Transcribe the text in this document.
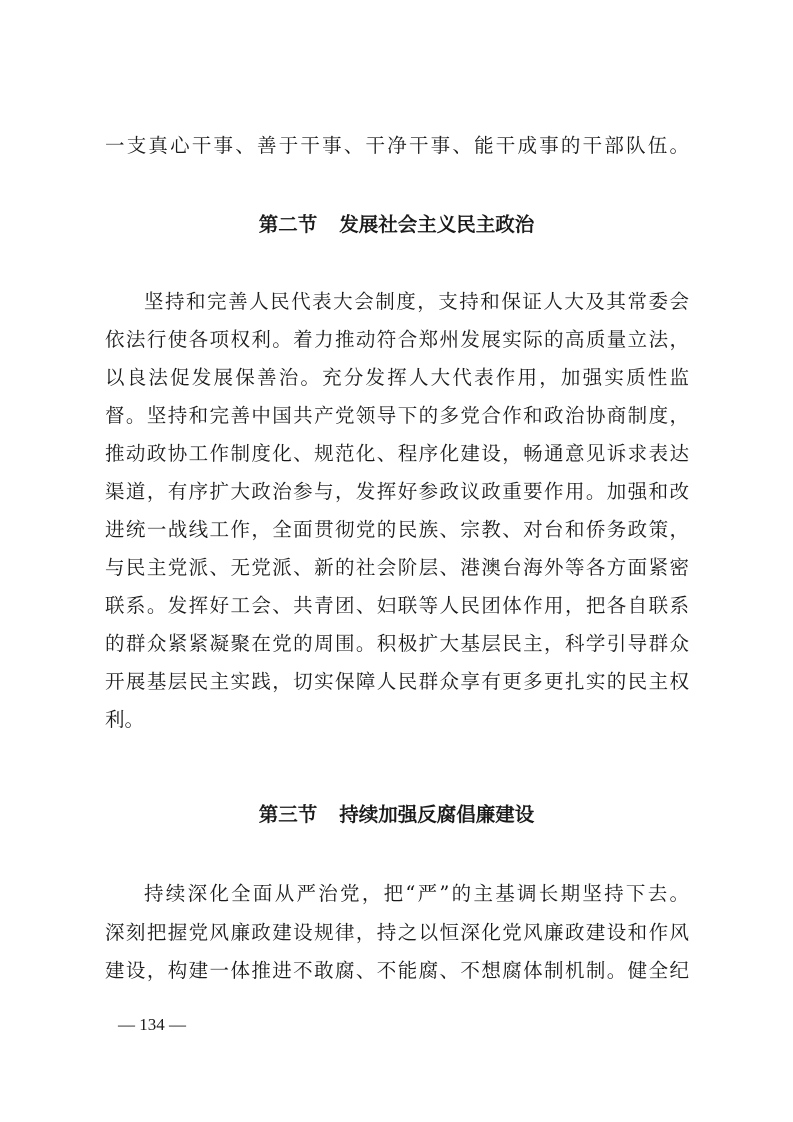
一支真心干事、善于干事、干净干事、能干成事的干部队伍。
第二节 发展社会主义民主政治
坚持和完善人民代表大会制度，支持和保证人大及其常委会
依法行使各项权利。着力推动符合郑州发展实际的高质量立法，
以良法促发展保善治。充分发挥人大代表作用，加强实质性监
督。坚持和完善中国共产党领导下的多党合作和政治协商制度，
推动政协工作制度化、规范化、程序化建设，畅通意见诉求表达
渠道，有序扩大政治参与，发挥好参政议政重要作用。加强和改
进统一战线工作，全面贯彻党的民族、宗教、对台和侨务政策，
与民主党派、无党派、新的社会阶层、港澳台海外等各方面紧密
联系。发挥好工会、共青团、妇联等人民团体作用，把各自联系
的群众紧紧凝聚在党的周围。积极扩大基层民主，科学引导群众
开展基层民主实践，切实保障人民群众享有更多更扎实的民主权
利。
第三节 持续加强反腐倡廉建设
持续深化全面从严治党，把“严”的主基调长期坚持下去。
深刻把握党风廉政建设规律，持之以恒深化党风廉政建设和作风
建设，构建一体推进不敢腐、不能腐、不想腐体制机制。健全纪
— 134 —
